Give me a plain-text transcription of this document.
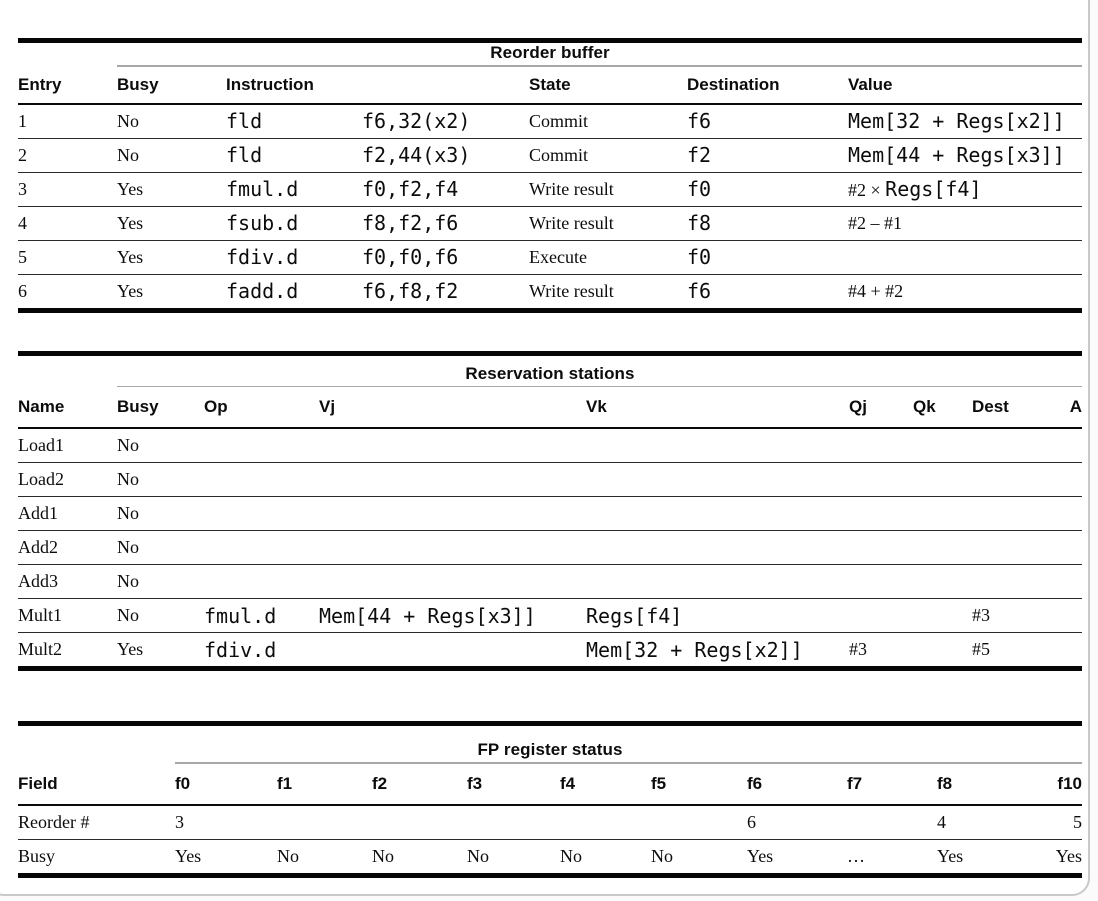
Reorder buffer
Entry	Busy	Instruction		State	Destination	Value
1	No	fld	f6,32(x2)	Commit	f6	Mem[32 + Regs[x2]]
2	No	fld	f2,44(x3)	Commit	f2	Mem[44 + Regs[x3]]
3	Yes	fmul.d	f0,f2,f4	Write result	f0	#2 × Regs[f4]
4	Yes	fsub.d	f8,f2,f6	Write result	f8	#2 – #1
5	Yes	fdiv.d	f0,f0,f6	Execute	f0	
6	Yes	fadd.d	f6,f8,f2	Write result	f6	#4 + #2
Reservation stations
Name	Busy	Op	Vj	Vk	Qj	Qk	Dest	A
Load1	No							
Load2	No							
Add1	No							
Add2	No							
Add3	No							
Mult1	No	fmul.d	Mem[44 + Regs[x3]]	Regs[f4]			#3	
Mult2	Yes	fdiv.d		Mem[32 + Regs[x2]]	#3		#5	
FP register status
Field	f0	f1	f2	f3	f4	f5	f6	f7	f8	f10
Reorder #	3						6		4	5
Busy	Yes	No	No	No	No	No	Yes	…	Yes	Yes
